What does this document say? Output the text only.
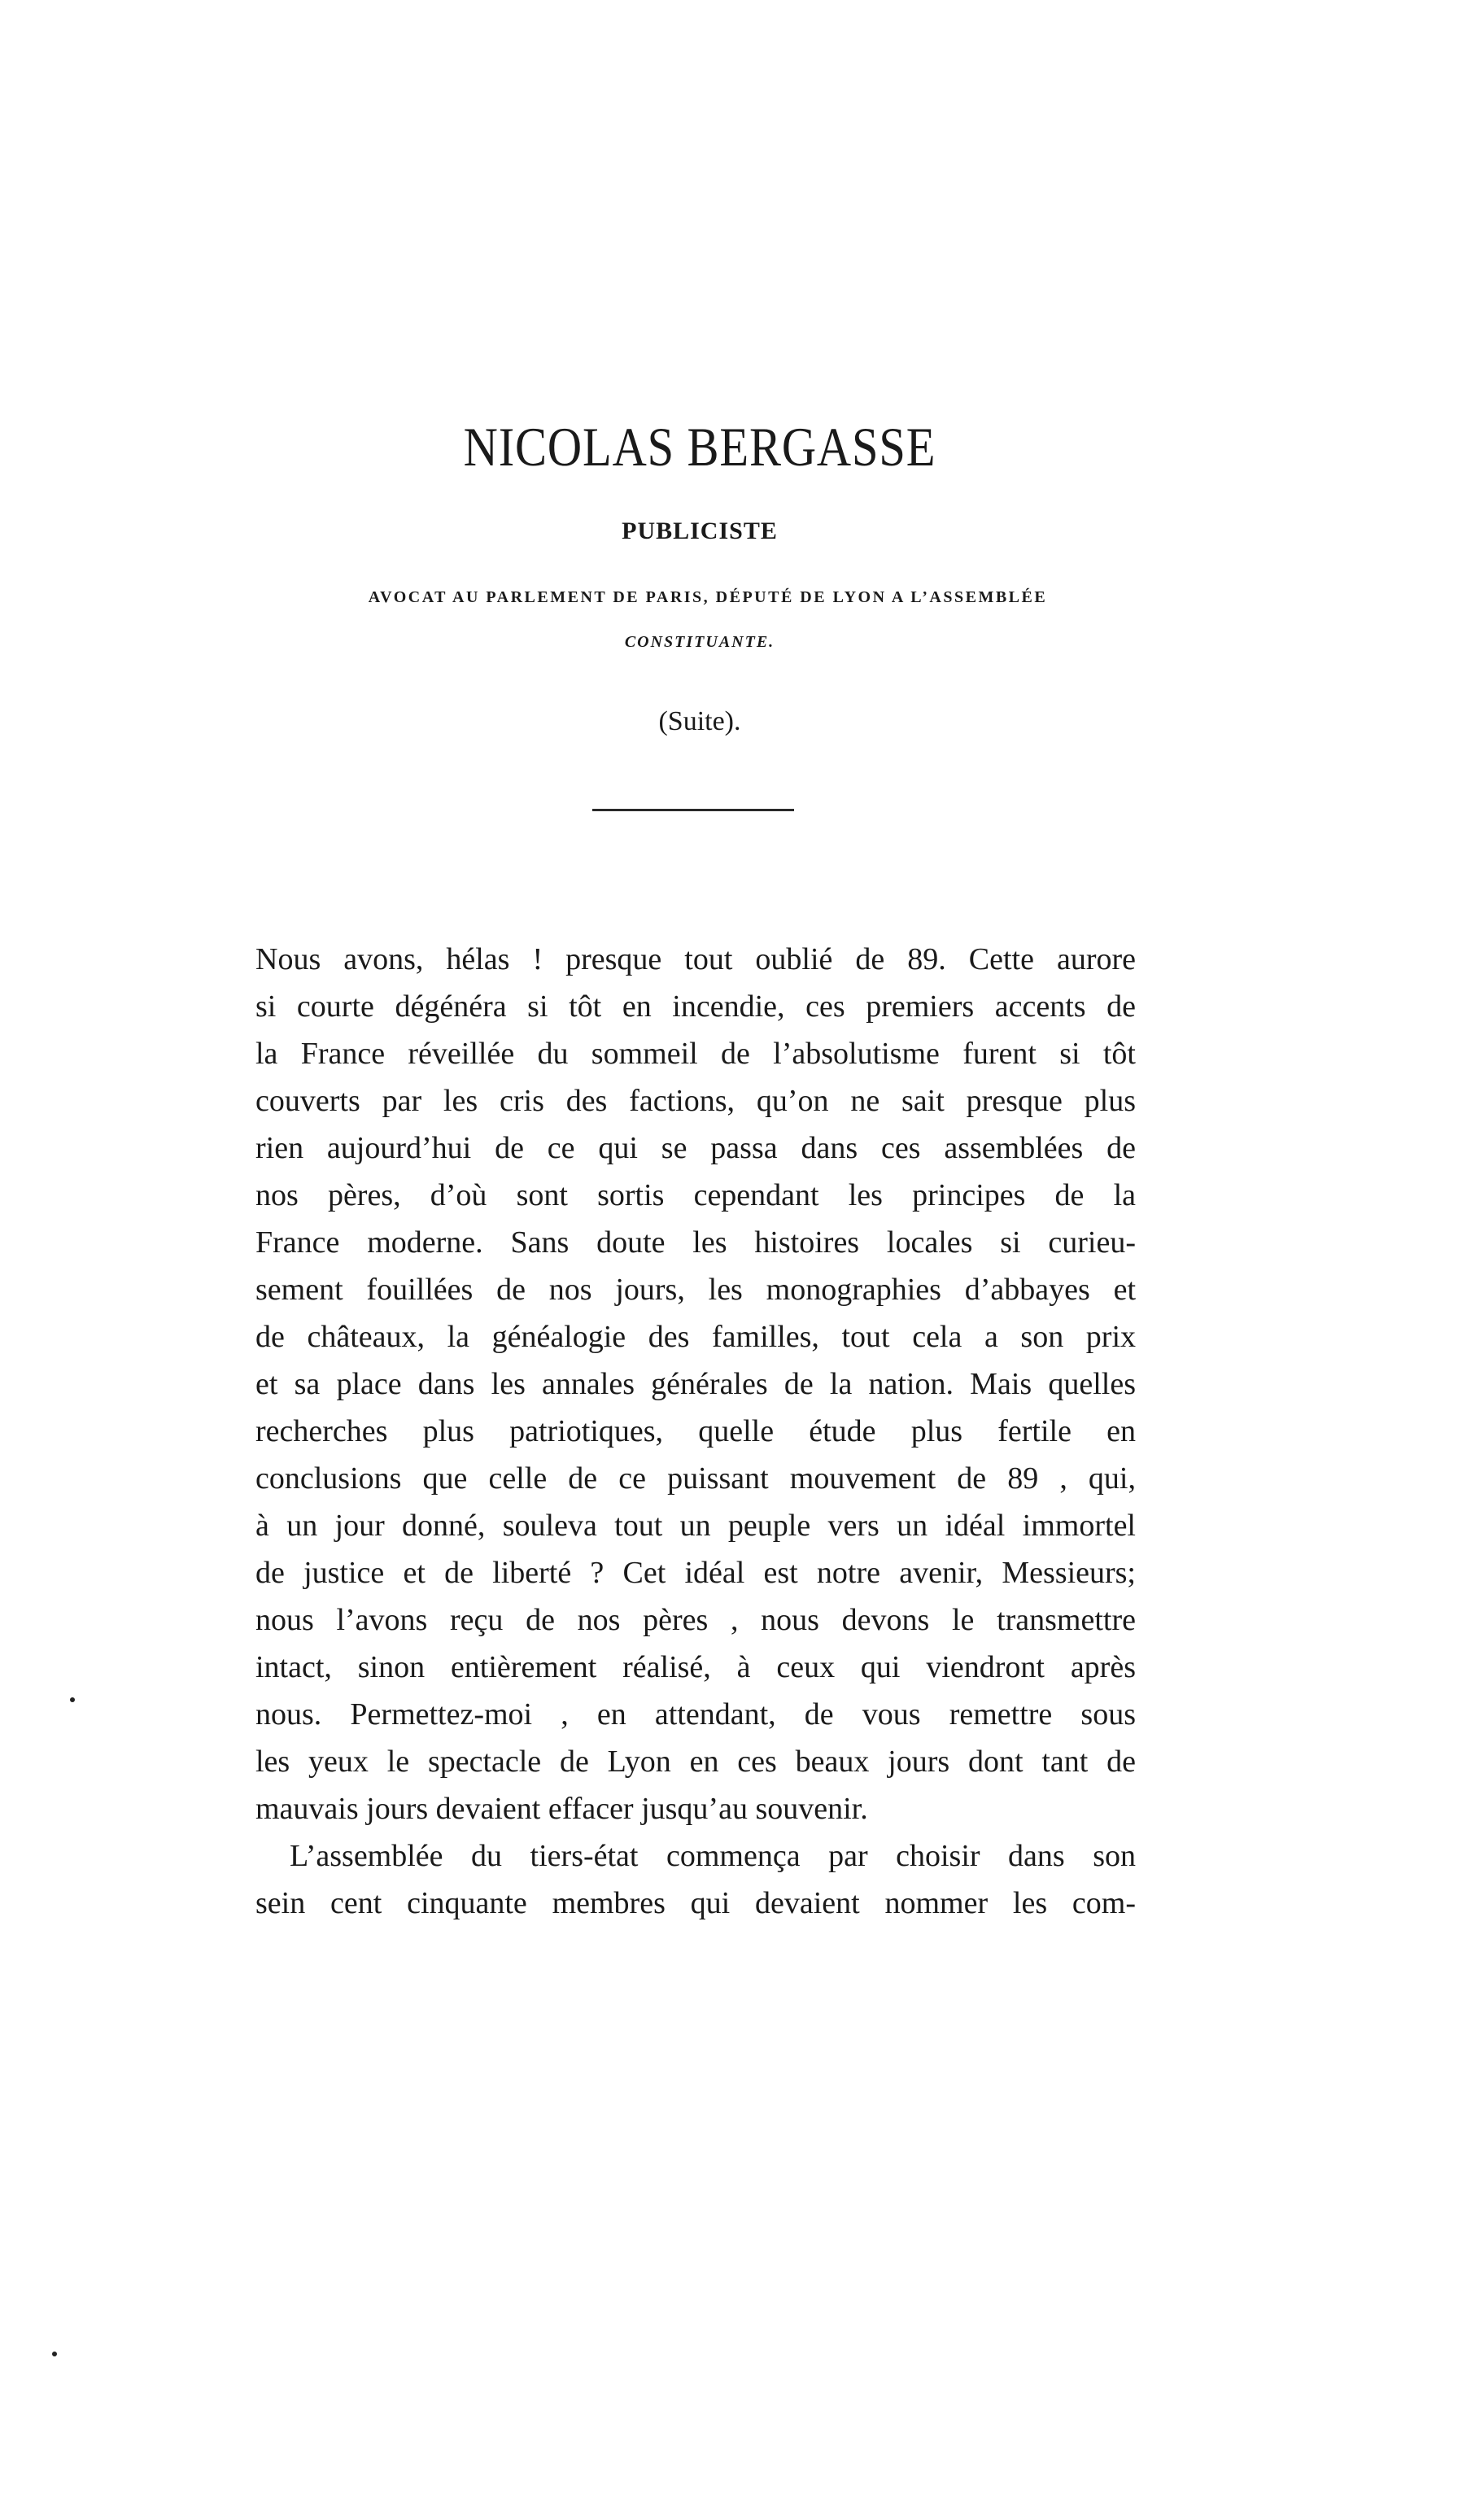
NICOLAS BERGASSE
PUBLICISTE
AVOCAT AU PARLEMENT DE PARIS, DÉPUTÉ DE LYON A L’ASSEMBLÉE
CONSTITUANTE.
(Suite).
Nous avons, hélas ! presque tout oublié de 89. Cette aurore
si courte dégénéra si tôt en incendie, ces premiers accents de
la France réveillée du sommeil de l’absolutisme furent si tôt
couverts par les cris des factions, qu’on ne sait presque plus
rien aujourd’hui de ce qui se passa dans ces assemblées de
nos pères, d’où sont sortis cependant les principes de la
France moderne. Sans doute les histoires locales si curieu-
sement fouillées de nos jours, les monographies d’abbayes et
de châteaux, la généalogie des familles, tout cela a son prix
et sa place dans les annales générales de la nation. Mais quelles
recherches plus patriotiques, quelle étude plus fertile en
conclusions que celle de ce puissant mouvement de 89 , qui,
à un jour donné, souleva tout un peuple vers un idéal immortel
de justice et de liberté ? Cet idéal est notre avenir, Messieurs;
nous l’avons reçu de nos pères , nous devons le transmettre
intact, sinon entièrement réalisé, à ceux qui viendront après
nous. Permettez-moi , en attendant, de vous remettre sous
les yeux le spectacle de Lyon en ces beaux jours dont tant de
mauvais jours devaient effacer jusqu’au souvenir.
L’assemblée du tiers-état commença par choisir dans son
sein cent cinquante membres qui devaient nommer les com-
